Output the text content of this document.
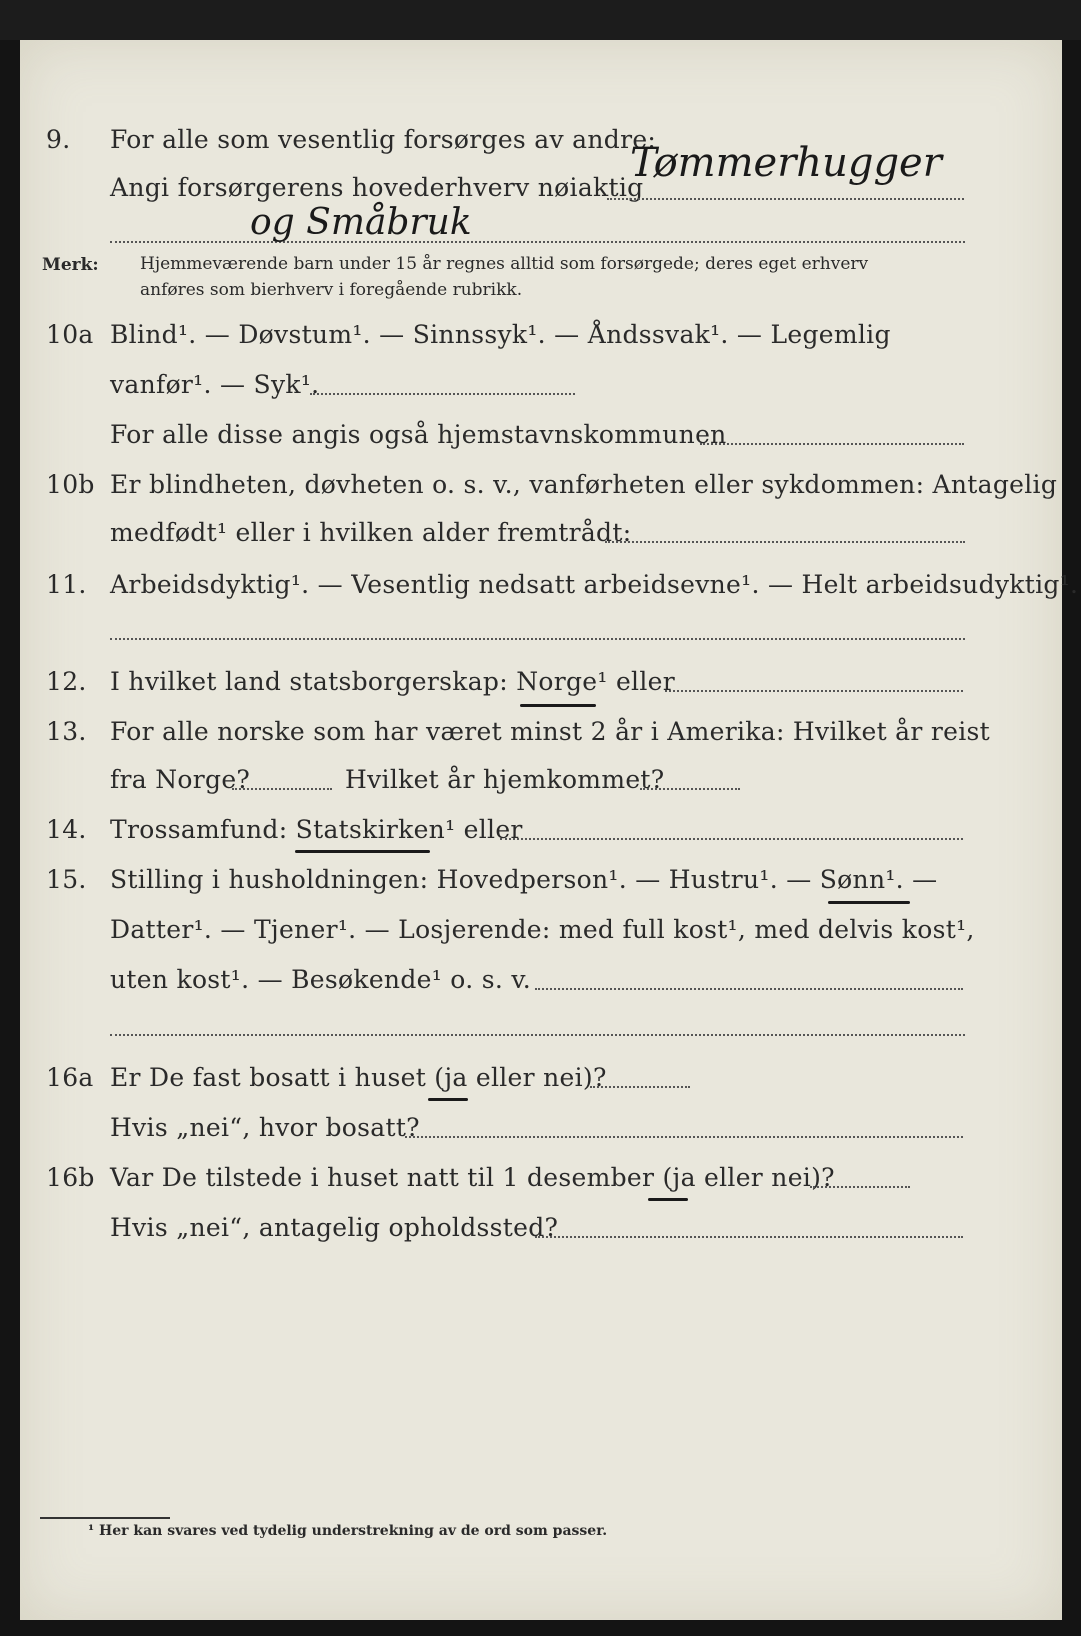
9. For alle som vesentlig forsørges av andre:
Angi forsørgerens hovederhverv nøiaktig
Tømmerhugger
og Småbruk
Merk: Hjemmeværende barn under 15 år regnes alltid som forsørgede; deres eget erhverv
anføres som bierhverv i foregående rubrikk.
10a Blind¹. — Døvstum¹. — Sinnssyk¹. — Åndssvak¹. — Legemlig
vanfør¹. — Syk¹.
For alle disse angis også hjemstavnskommunen
10b Er blindheten, døvheten o. s. v., vanførheten eller sykdommen: Antagelig
medfødt¹ eller i hvilken alder fremtrådt:
11. Arbeidsdyktig¹. — Vesentlig nedsatt arbeidsevne¹. — Helt arbeidsudyktig¹.
12. I hvilket land statsborgerskap: Norge¹ eller
13. For alle norske som har været minst 2 år i Amerika: Hvilket år reist
fra Norge?	Hvilket år hjemkommet?
14. Trossamfund: Statskirken¹ eller
15. Stilling i husholdningen: Hovedperson¹. — Hustru¹. — Sønn¹. —
Datter¹. — Tjener¹. — Losjerende: med full kost¹, med delvis kost¹,
uten kost¹. — Besøkende¹ o. s. v.
16a Er De fast bosatt i huset (ja eller nei)?
Hvis „nei“, hvor bosatt?
16b Var De tilstede i huset natt til 1 desember (ja eller nei)?
Hvis „nei“, antagelig opholdssted?
¹ Her kan svares ved tydelig understrekning av de ord som passer.
